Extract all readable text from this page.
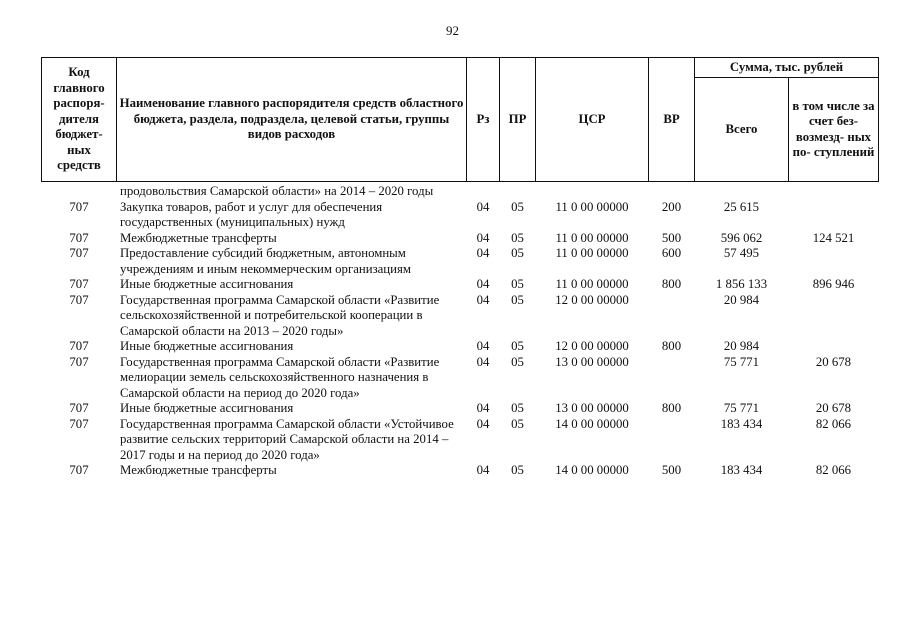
92
Код главного распоря- дителя бюджет- ных средств	Наименование главного распорядителя средств областного бюджета, раздела, подраздела, целевой статьи, группы видов расходов	Рз	ПР	ЦСР	ВР	Сумма, тыс. рублей	
						Всего	в том числе за счет без- возмезд- ных по- ступлений
	продовольствия Самарской области» на 2014 – 2020 годы						
707	Закупка товаров, работ и услуг для обеспечения государственных (муниципальных) нужд	04	05	11 0 00 00000	200	25 615	
707	Межбюджетные трансферты	04	05	11 0 00 00000	500	596 062	124 521
707	Предоставление субсидий бюджетным, автономным учреждениям и иным некоммерческим организациям	04	05	11 0 00 00000	600	57 495	
707	Иные бюджетные ассигнования	04	05	11 0 00 00000	800	1 856 133	896 946
707	Государственная программа Самарской области «Развитие сельскохозяйственной и потребительской кооперации в Самарской области на 2013 – 2020 годы»	04	05	12 0 00 00000		20 984	
707	Иные бюджетные ассигнования	04	05	12 0 00 00000	800	20 984	
707	Государственная программа Самарской области «Развитие мелиорации земель сельскохозяйственного назначения в Самарской области на период до 2020 года»	04	05	13 0 00 00000		75 771	20 678
707	Иные бюджетные ассигнования	04	05	13 0 00 00000	800	75 771	20 678
707	Государственная программа Самарской области «Устойчивое развитие сельских территорий Самарской области на 2014 – 2017 годы и на период до 2020 года»	04	05	14 0 00 00000		183 434	82 066
707	Межбюджетные трансферты	04	05	14 0 00 00000	500	183 434	82 066
